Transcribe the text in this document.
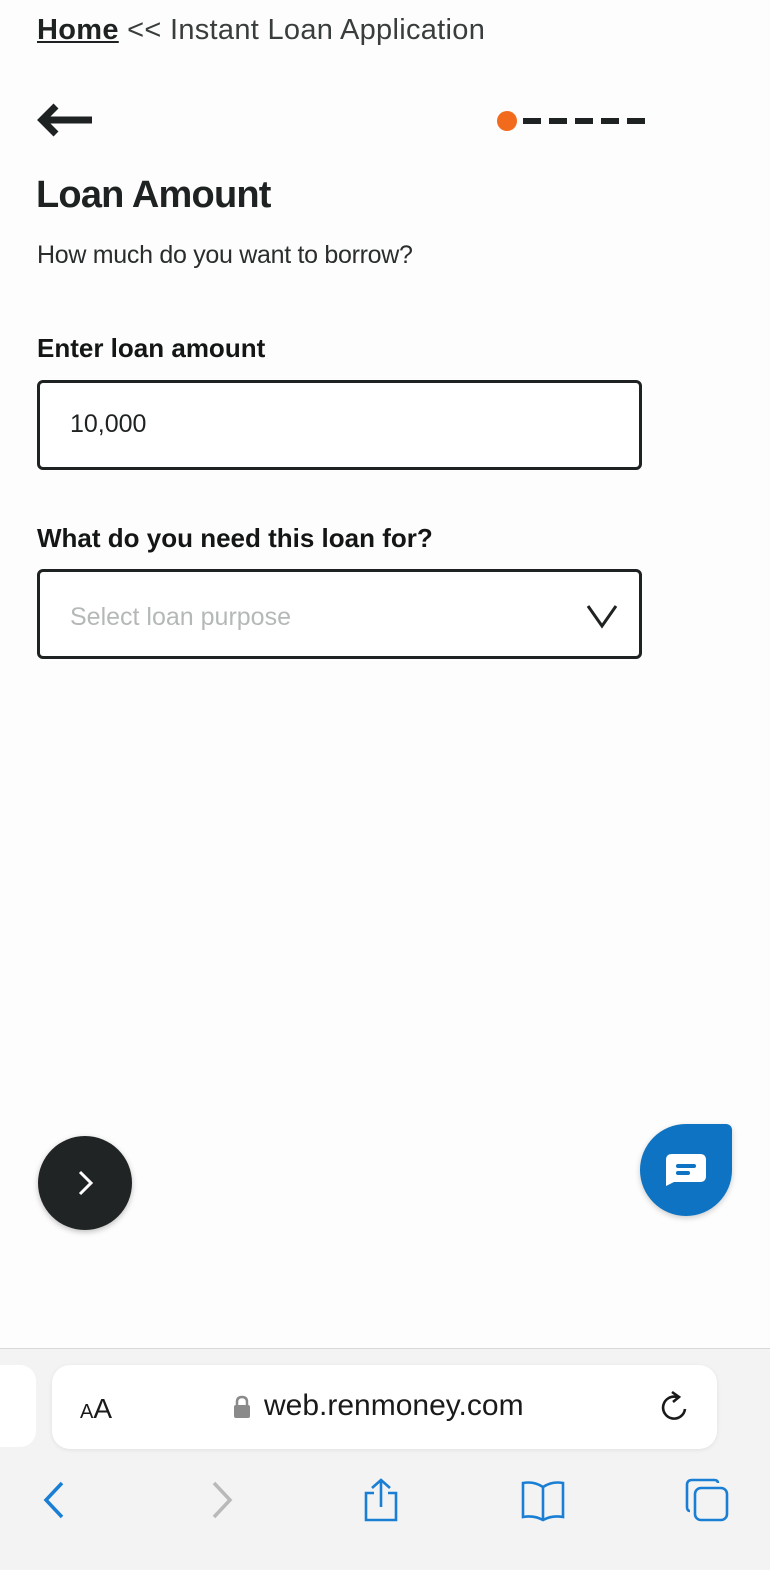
Home << Instant Loan Application
Loan Amount
How much do you want to borrow?
Enter loan amount
10,000
What do you need this loan for?
Select loan purpose
AA	web.renmoney.com
